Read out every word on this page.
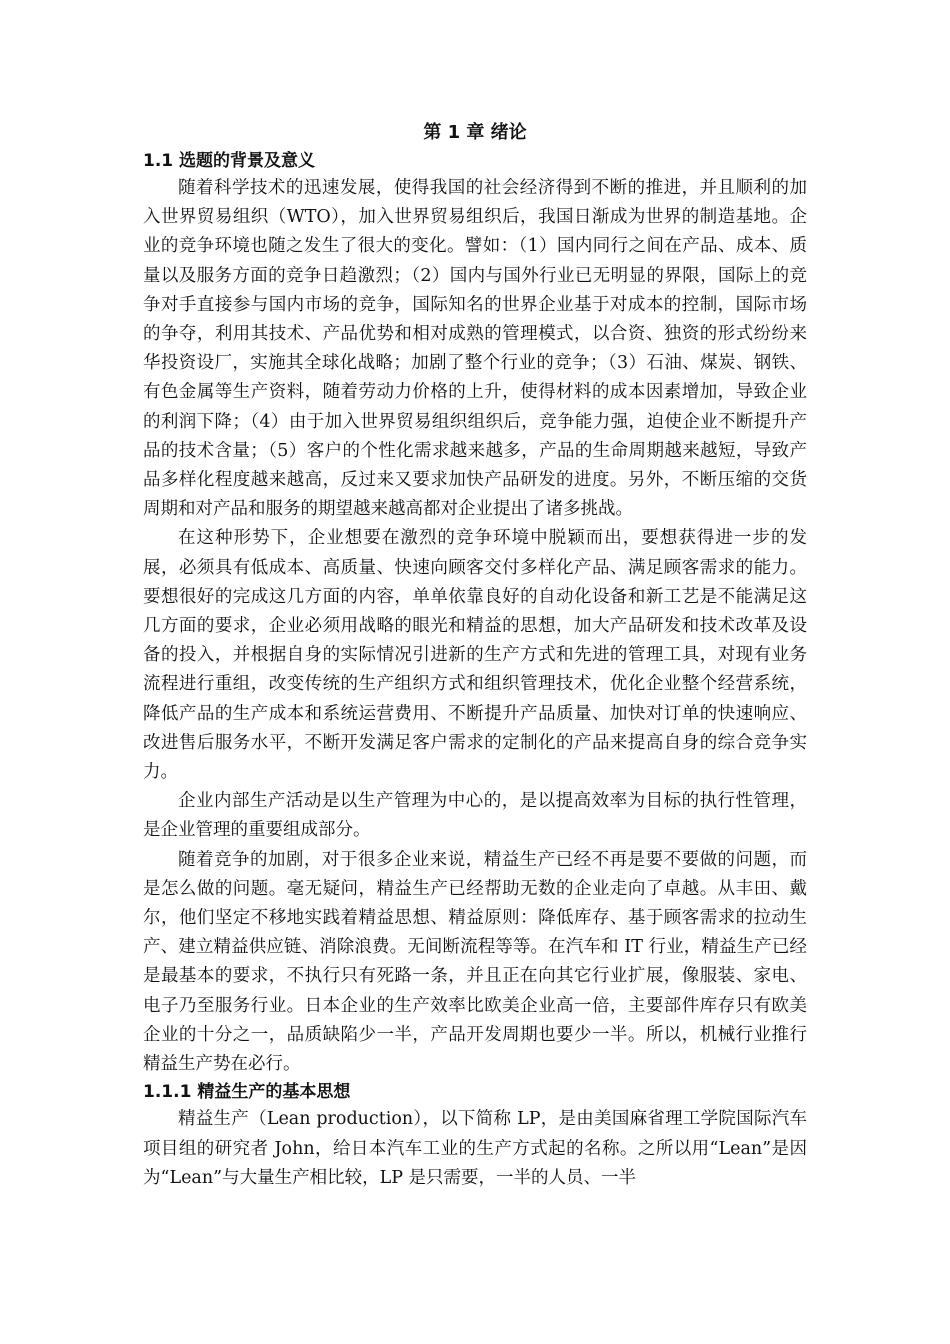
第 1 章 绪论
1.1 选题的背景及意义

随着科学技术的迅速发展，使得我国的社会经济得到不断的推进，并且顺利的加入世界贸易组织（WTO），加入世界贸易组织后，我国日渐成为世界的制造基地。企业的竞争环境也随之发生了很大的变化。譬如：（1）国内同行之间在产品、成本、质量以及服务方面的竞争日趋激烈；（2）国内与国外行业已无明显的界限，国际上的竞争对手直接参与国内市场的竞争，国际知名的世界企业基于对成本的控制，国际市场的争夺，利用其技术、产品优势和相对成熟的管理模式，以合资、独资的形式纷纷来华投资设厂，实施其全球化战略；加剧了整个行业的竞争；（3）石油、煤炭、钢铁、有色金属等生产资料，随着劳动力价格的上升，使得材料的成本因素增加，导致企业的利润下降；（4）由于加入世界贸易组织组织后，竞争能力强，迫使企业不断提升产品的技术含量；（5）客户的个性化需求越来越多，产品的生命周期越来越短，导致产品多样化程度越来越高，反过来又要求加快产品研发的进度。另外，不断压缩的交货周期和对产品和服务的期望越来越高都对企业提出了诸多挑战。

在这种形势下，企业想要在激烈的竞争环境中脱颖而出，要想获得进一步的发展，必须具有低成本、高质量、快速向顾客交付多样化产品、满足顾客需求的能力。要想很好的完成这几方面的内容，单单依靠良好的自动化设备和新工艺是不能满足这几方面的要求，企业必须用战略的眼光和精益的思想，加大产品研发和技术改革及设备的投入，并根据自身的实际情况引进新的生产方式和先进的管理工具，对现有业务流程进行重组，改变传统的生产组织方式和组织管理技术，优化企业整个经营系统，降低产品的生产成本和系统运营费用、不断提升产品质量、加快对订单的快速响应、改进售后服务水平，不断开发满足客户需求的定制化的产品来提高自身的综合竞争实力。

企业内部生产活动是以生产管理为中心的，是以提高效率为目标的执行性管理，是企业管理的重要组成部分。

随着竞争的加剧，对于很多企业来说，精益生产已经不再是要不要做的问题，而是怎么做的问题。毫无疑问，精益生产已经帮助无数的企业走向了卓越。从丰田、戴尔，他们坚定不移地实践着精益思想、精益原则：降低库存、基于顾客需求的拉动生产、建立精益供应链、消除浪费。无间断流程等等。在汽车和 IT 行业，精益生产已经是最基本的要求，不执行只有死路一条，并且正在向其它行业扩展，像服装、家电、电子乃至服务行业。日本企业的生产效率比欧美企业高一倍，主要部件库存只有欧美企业的十分之一，品质缺陷少一半，产品开发周期也要少一半。所以，机械行业推行精益生产势在必行。

1.1.1 精益生产的基本思想

精益生产（Lean production），以下简称 LP，是由美国麻省理工学院国际汽车项目组的研究者 John，给日本汽车工业的生产方式起的名称。之所以用“Lean”是因为“Lean”与大量生产相比较，LP 是只需要，一半的人员、一半
